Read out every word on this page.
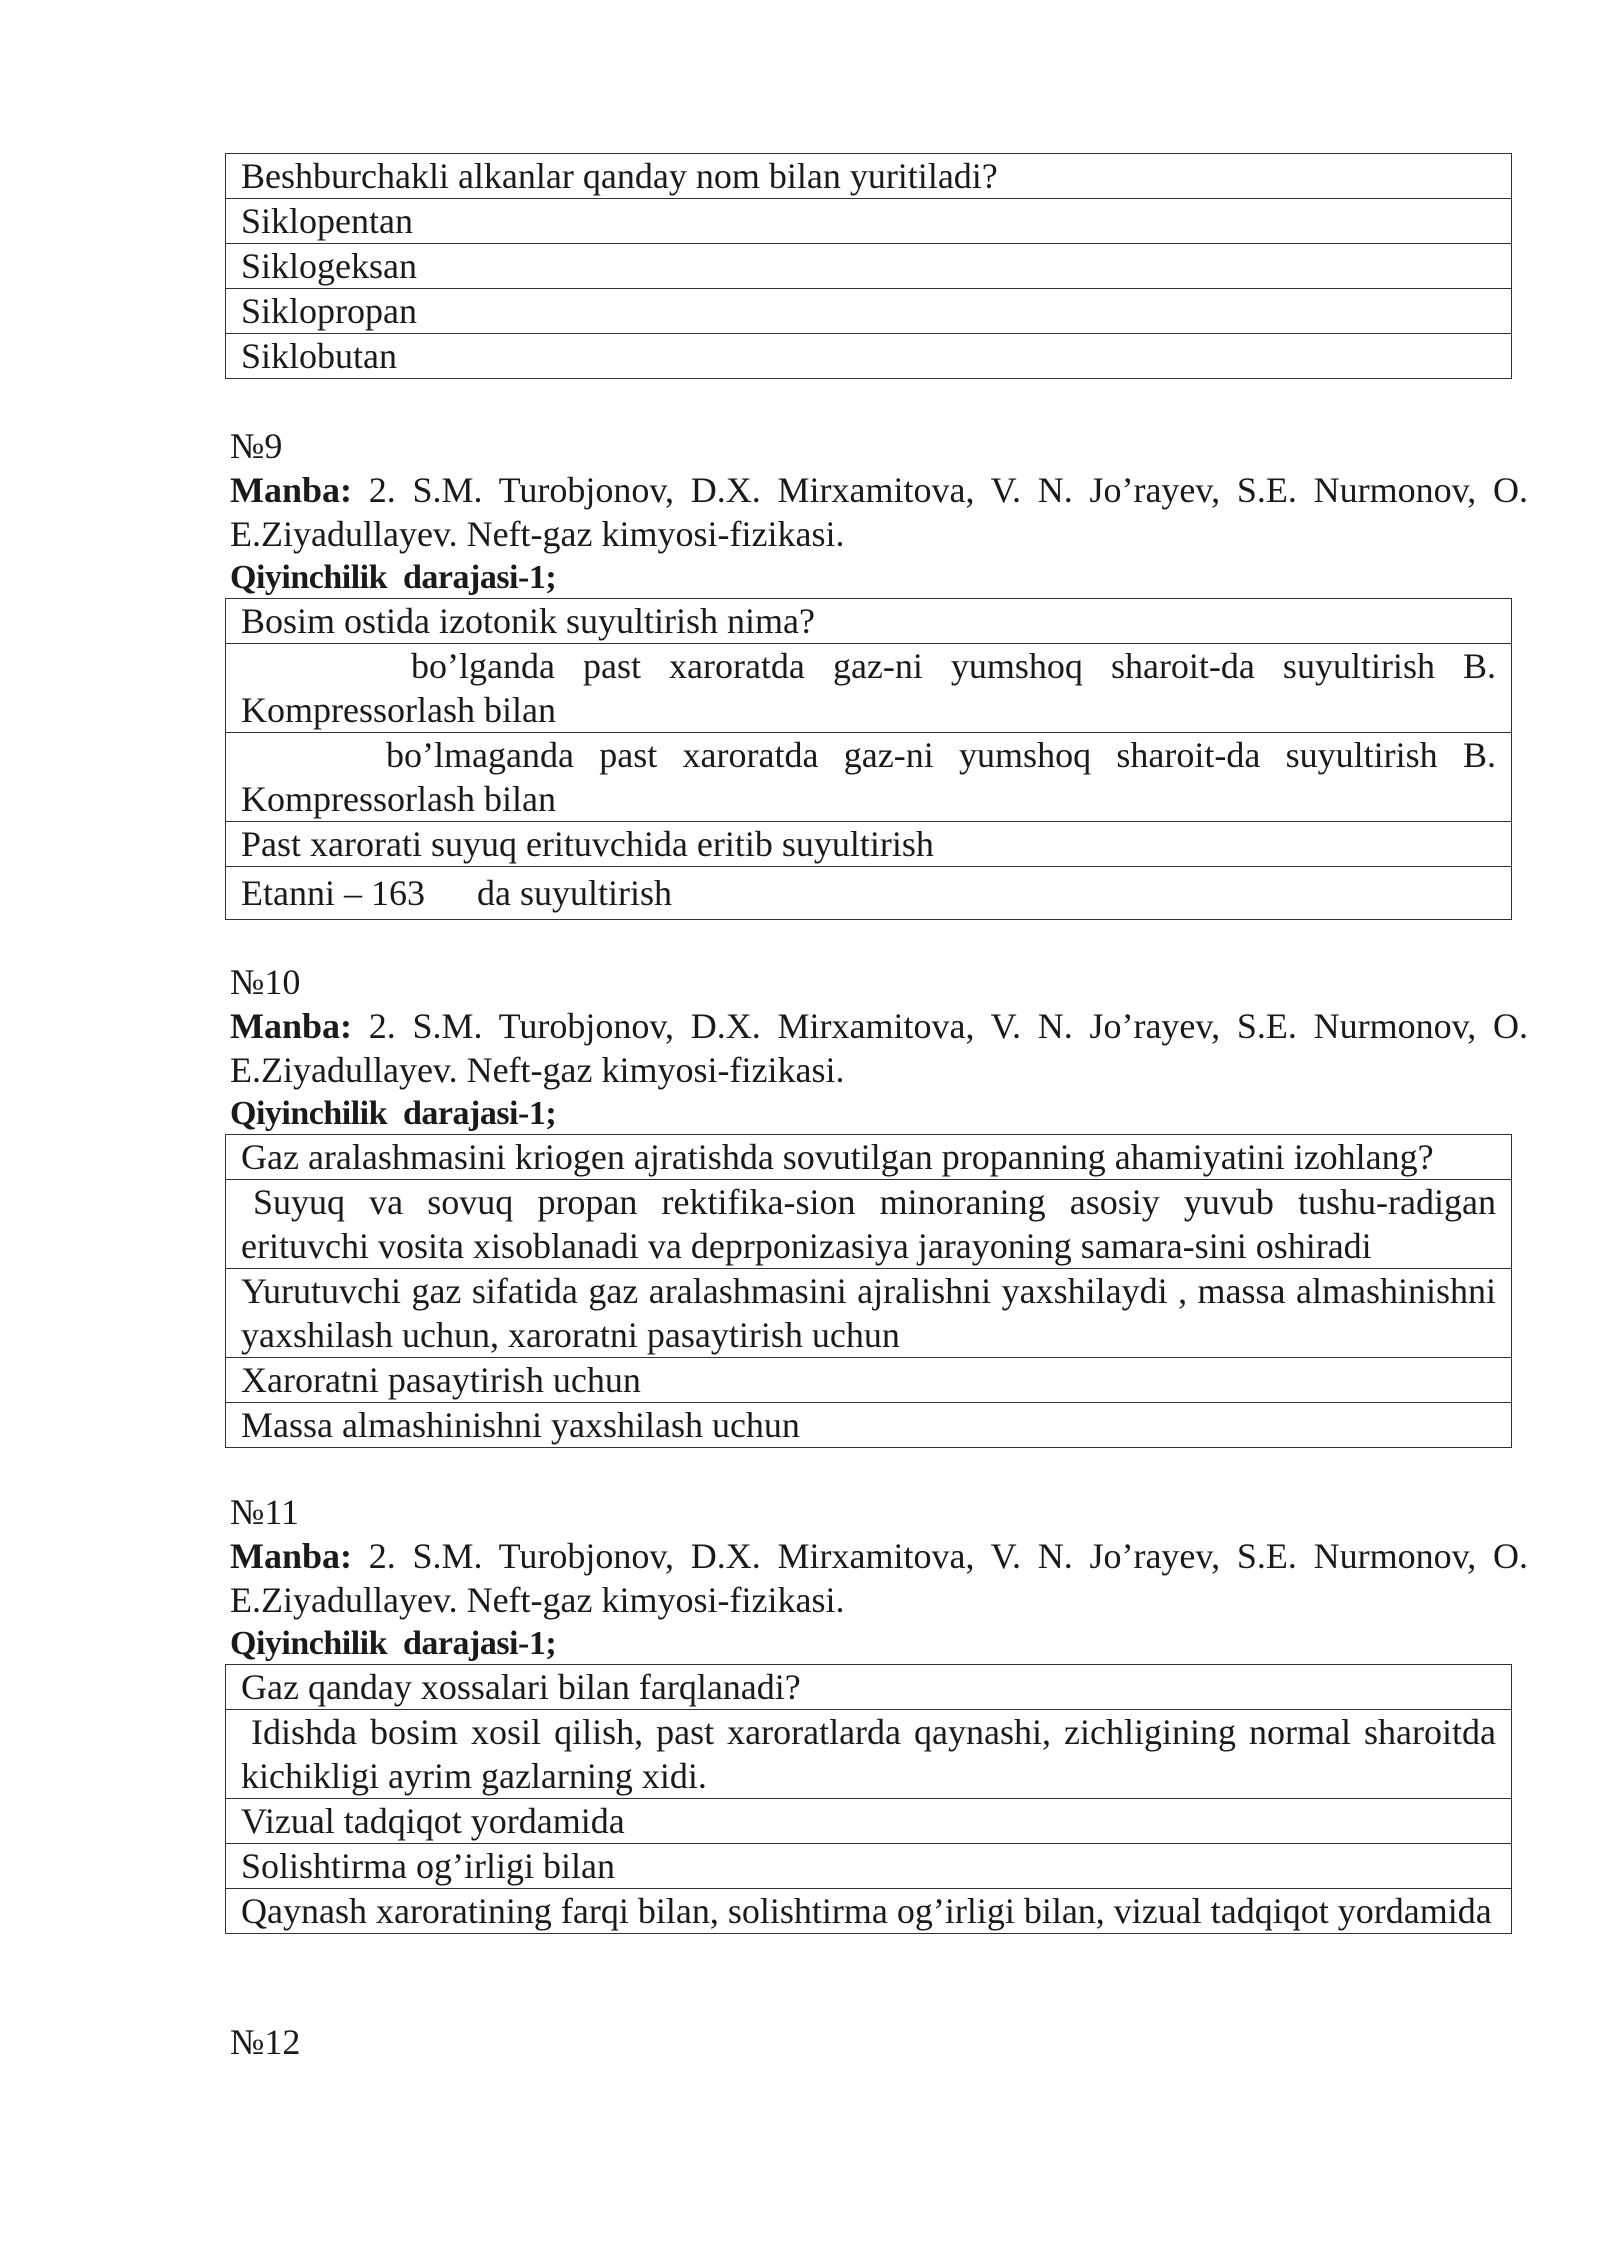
Beshburchakli alkanlar qanday nom bilan yuritiladi?
Siklopentan
Siklogeksan
Siklopropan
Siklobutan
№9
Manba: 2. S.M. Turobjonov, D.X. Mirxamitova, V. N. Jo’rayev, S.E. Nurmonov, O. E.Ziyadullayev. Neft-gaz kimyosi-fizikasi.
Qiyinchilik  darajasi-1;
Bosim ostida izotonik suyultirish nima?
bo’lganda past xaroratda gaz-ni yumshoq sharoit-da suyultirish B. Kompressorlash bilan
bo’lmaganda past xaroratda gaz-ni yumshoq sharoit-da suyultirish B. Kompressorlash bilan
Past xarorati suyuq erituvchida eritib suyultirish
Etanni – 163 da suyultirish
№10
Manba: 2. S.M. Turobjonov, D.X. Mirxamitova, V. N. Jo’rayev, S.E. Nurmonov, O. E.Ziyadullayev. Neft-gaz kimyosi-fizikasi.
Qiyinchilik  darajasi-1;
Gaz aralashmasini kriogen ajratishda sovutilgan propanning ahamiyatini izohlang?
Suyuq va sovuq propan rektifika-sion minoraning asosiy yuvub tushu-radigan erituvchi vosita xisoblanadi va deprponizasiya jarayoning samara-sini oshiradi
Yurutuvchi gaz sifatida gaz aralashmasini ajralishni yaxshilaydi , massa almashinishni yaxshilash uchun, xaroratni pasaytirish uchun
Xaroratni pasaytirish uchun
Massa almashinishni yaxshilash uchun
№11
Manba: 2. S.M. Turobjonov, D.X. Mirxamitova, V. N. Jo’rayev, S.E. Nurmonov, O. E.Ziyadullayev. Neft-gaz kimyosi-fizikasi.
Qiyinchilik  darajasi-1;
Gaz qanday xossalari bilan farqlanadi?
Idishda bosim xosil qilish, past xaroratlarda qaynashi, zichligining normal sharoitda kichikligi ayrim gazlarning xidi.
Vizual tadqiqot yordamida
Solishtirma og’irligi bilan
Qaynash xaroratining farqi bilan, solishtirma og’irligi bilan, vizual tadqiqot yordamida
№12
